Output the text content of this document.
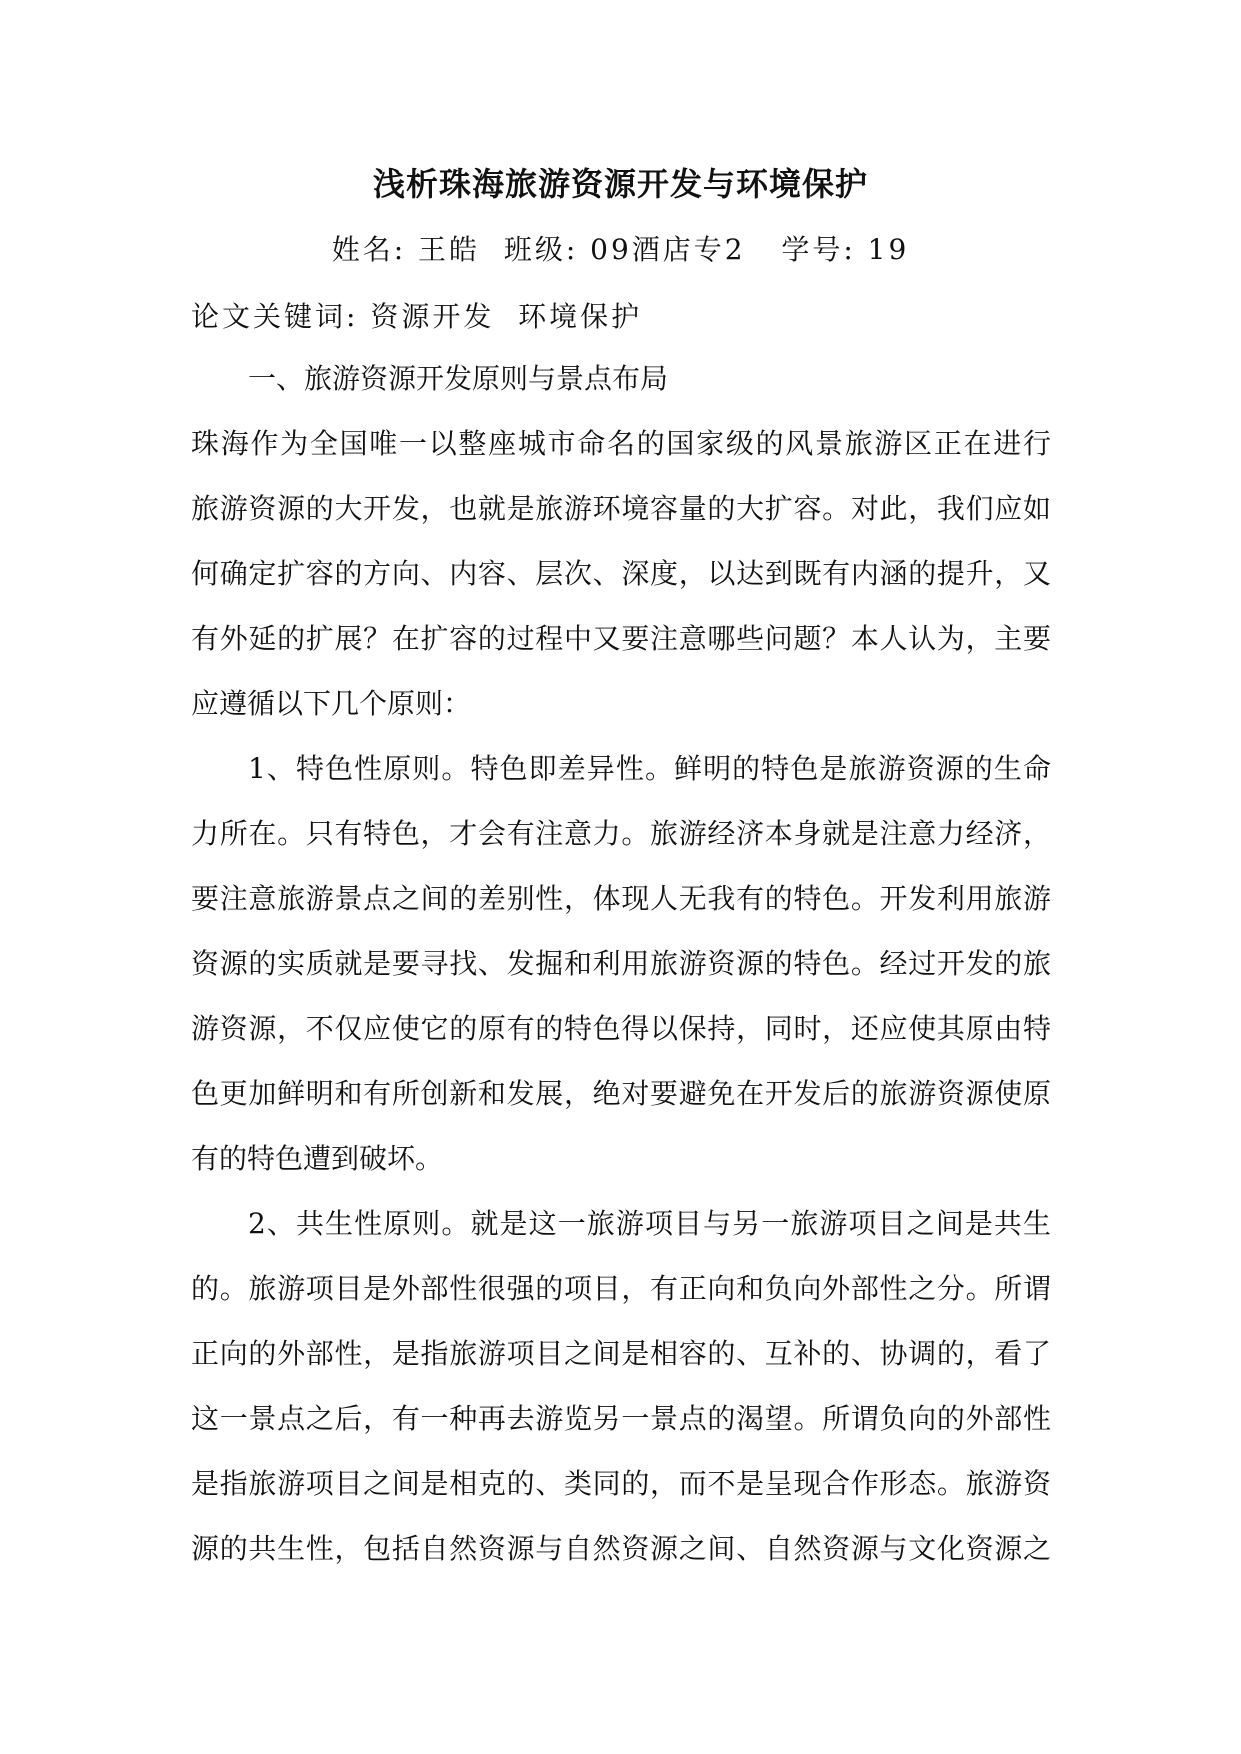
浅析珠海旅游资源开发与环境保护
姓名: 王皓  班级: 09酒店专2   学号: 19
论文关键词: 资源开发  环境保护
一、旅游资源开发原则与景点布局
珠海作为全国唯一以整座城市命名的国家级的风景旅游区正在进行
旅游资源的大开发，也就是旅游环境容量的大扩容。对此，我们应如
何确定扩容的方向、内容、层次、深度，以达到既有内涵的提升，又
有外延的扩展？在扩容的过程中又要注意哪些问题？本人认为，主要
应遵循以下几个原则：
1、特色性原则。特色即差异性。鲜明的特色是旅游资源的生命
力所在。只有特色，才会有注意力。旅游经济本身就是注意力经济，
要注意旅游景点之间的差别性，体现人无我有的特色。开发利用旅游
资源的实质就是要寻找、发掘和利用旅游资源的特色。经过开发的旅
游资源，不仅应使它的原有的特色得以保持，同时，还应使其原由特
色更加鲜明和有所创新和发展，绝对要避免在开发后的旅游资源使原
有的特色遭到破坏。
2、共生性原则。就是这一旅游项目与另一旅游项目之间是共生
的。旅游项目是外部性很强的项目，有正向和负向外部性之分。所谓
正向的外部性，是指旅游项目之间是相容的、互补的、协调的，看了
这一景点之后，有一种再去游览另一景点的渴望。所谓负向的外部性
是指旅游项目之间是相克的、类同的，而不是呈现合作形态。旅游资
源的共生性，包括自然资源与自然资源之间、自然资源与文化资源之
